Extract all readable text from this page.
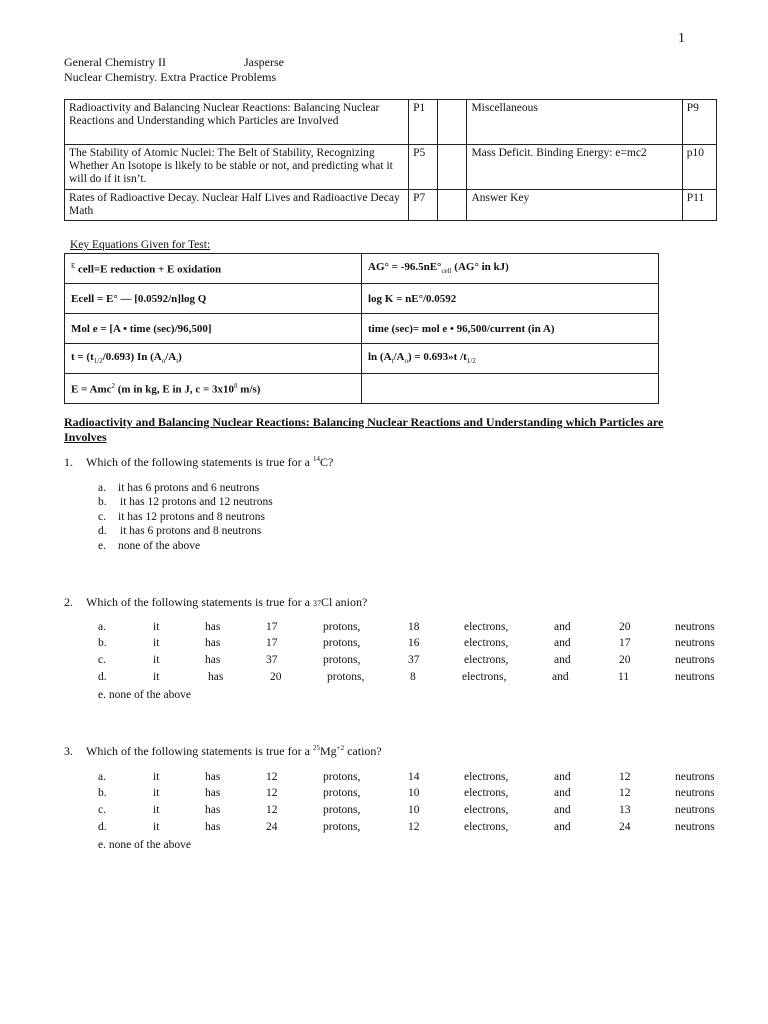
1
General Chemistry II	Jasperse
Nuclear Chemistry. Extra Practice Problems
Radioactivity and Balancing Nuclear Reactions: Balancing Nuclear Reactions and Understanding which Particles are Involved	P1		Miscellaneous	P9
The Stability of Atomic Nuclei: The Belt of Stability, Recognizing Whether An Isotope is likely to be stable or not, and predicting what it will do if it isn’t.	P5		Mass Deficit. Binding Energy: e=mc2	p10
Rates of Radioactive Decay. Nuclear Half Lives and Radioactive Decay Math	P7		Answer Key	P11
Key Equations Given for Test:
$^E$ cell=E reduction + E oxidation	$AG^\circ = -96.5nE^\circ_{cell}$ (AG° in kJ)
Ecell = E° — [0.0592/n]log Q	log K = nE°/0.0592
Mol e = [A • time (sec)/96,500]	time (sec)= mol e • 96,500/current (in A)
$t = (t_{1/2}/0.693)$ In $(A_o/A_t)$	$\ln (A_t/A_o)$ = 0.693»t $/t_{1/2}$
E = Amc$^2$ (m in kg, E in J, $c = 3x10^8$ m/s)	
Radioactivity and Balancing Nuclear Reactions: Balancing Nuclear Reactions and Understanding which Particles are Involves
1. Which of the following statements is true for a $^{14}$C?
a. it has 6 protons and 6 neutrons
b. it has 12 protons and 12 neutrons
c. it has 12 protons and 8 neutrons
d. it has 6 protons and 8 neutrons
e. none of the above
2. Which of the following statements is true for a 37Cl anion?
a.	it	has	17	protons,	18	electrons,	and	20	neutrons
b.	it	has	17	protons,	16	electrons,	and	17	neutrons
c.	it	has	37	protons,	37	electrons,	and	20	neutrons
d.	it	has	20	protons,	8	electrons,	and	11	neutrons
e. none of the above
3. Which of the following statements is true for a $^{25}Mg^{+2}$ cation?
a.	it	has	12	protons,	14	electrons,	and	12	neutrons
b.	it	has	12	protons,	10	electrons,	and	12	neutrons
c.	it	has	12	protons,	10	electrons,	and	13	neutrons
d.	it	has	24	protons,	12	electrons,	and	24	neutrons
e. none of the above
